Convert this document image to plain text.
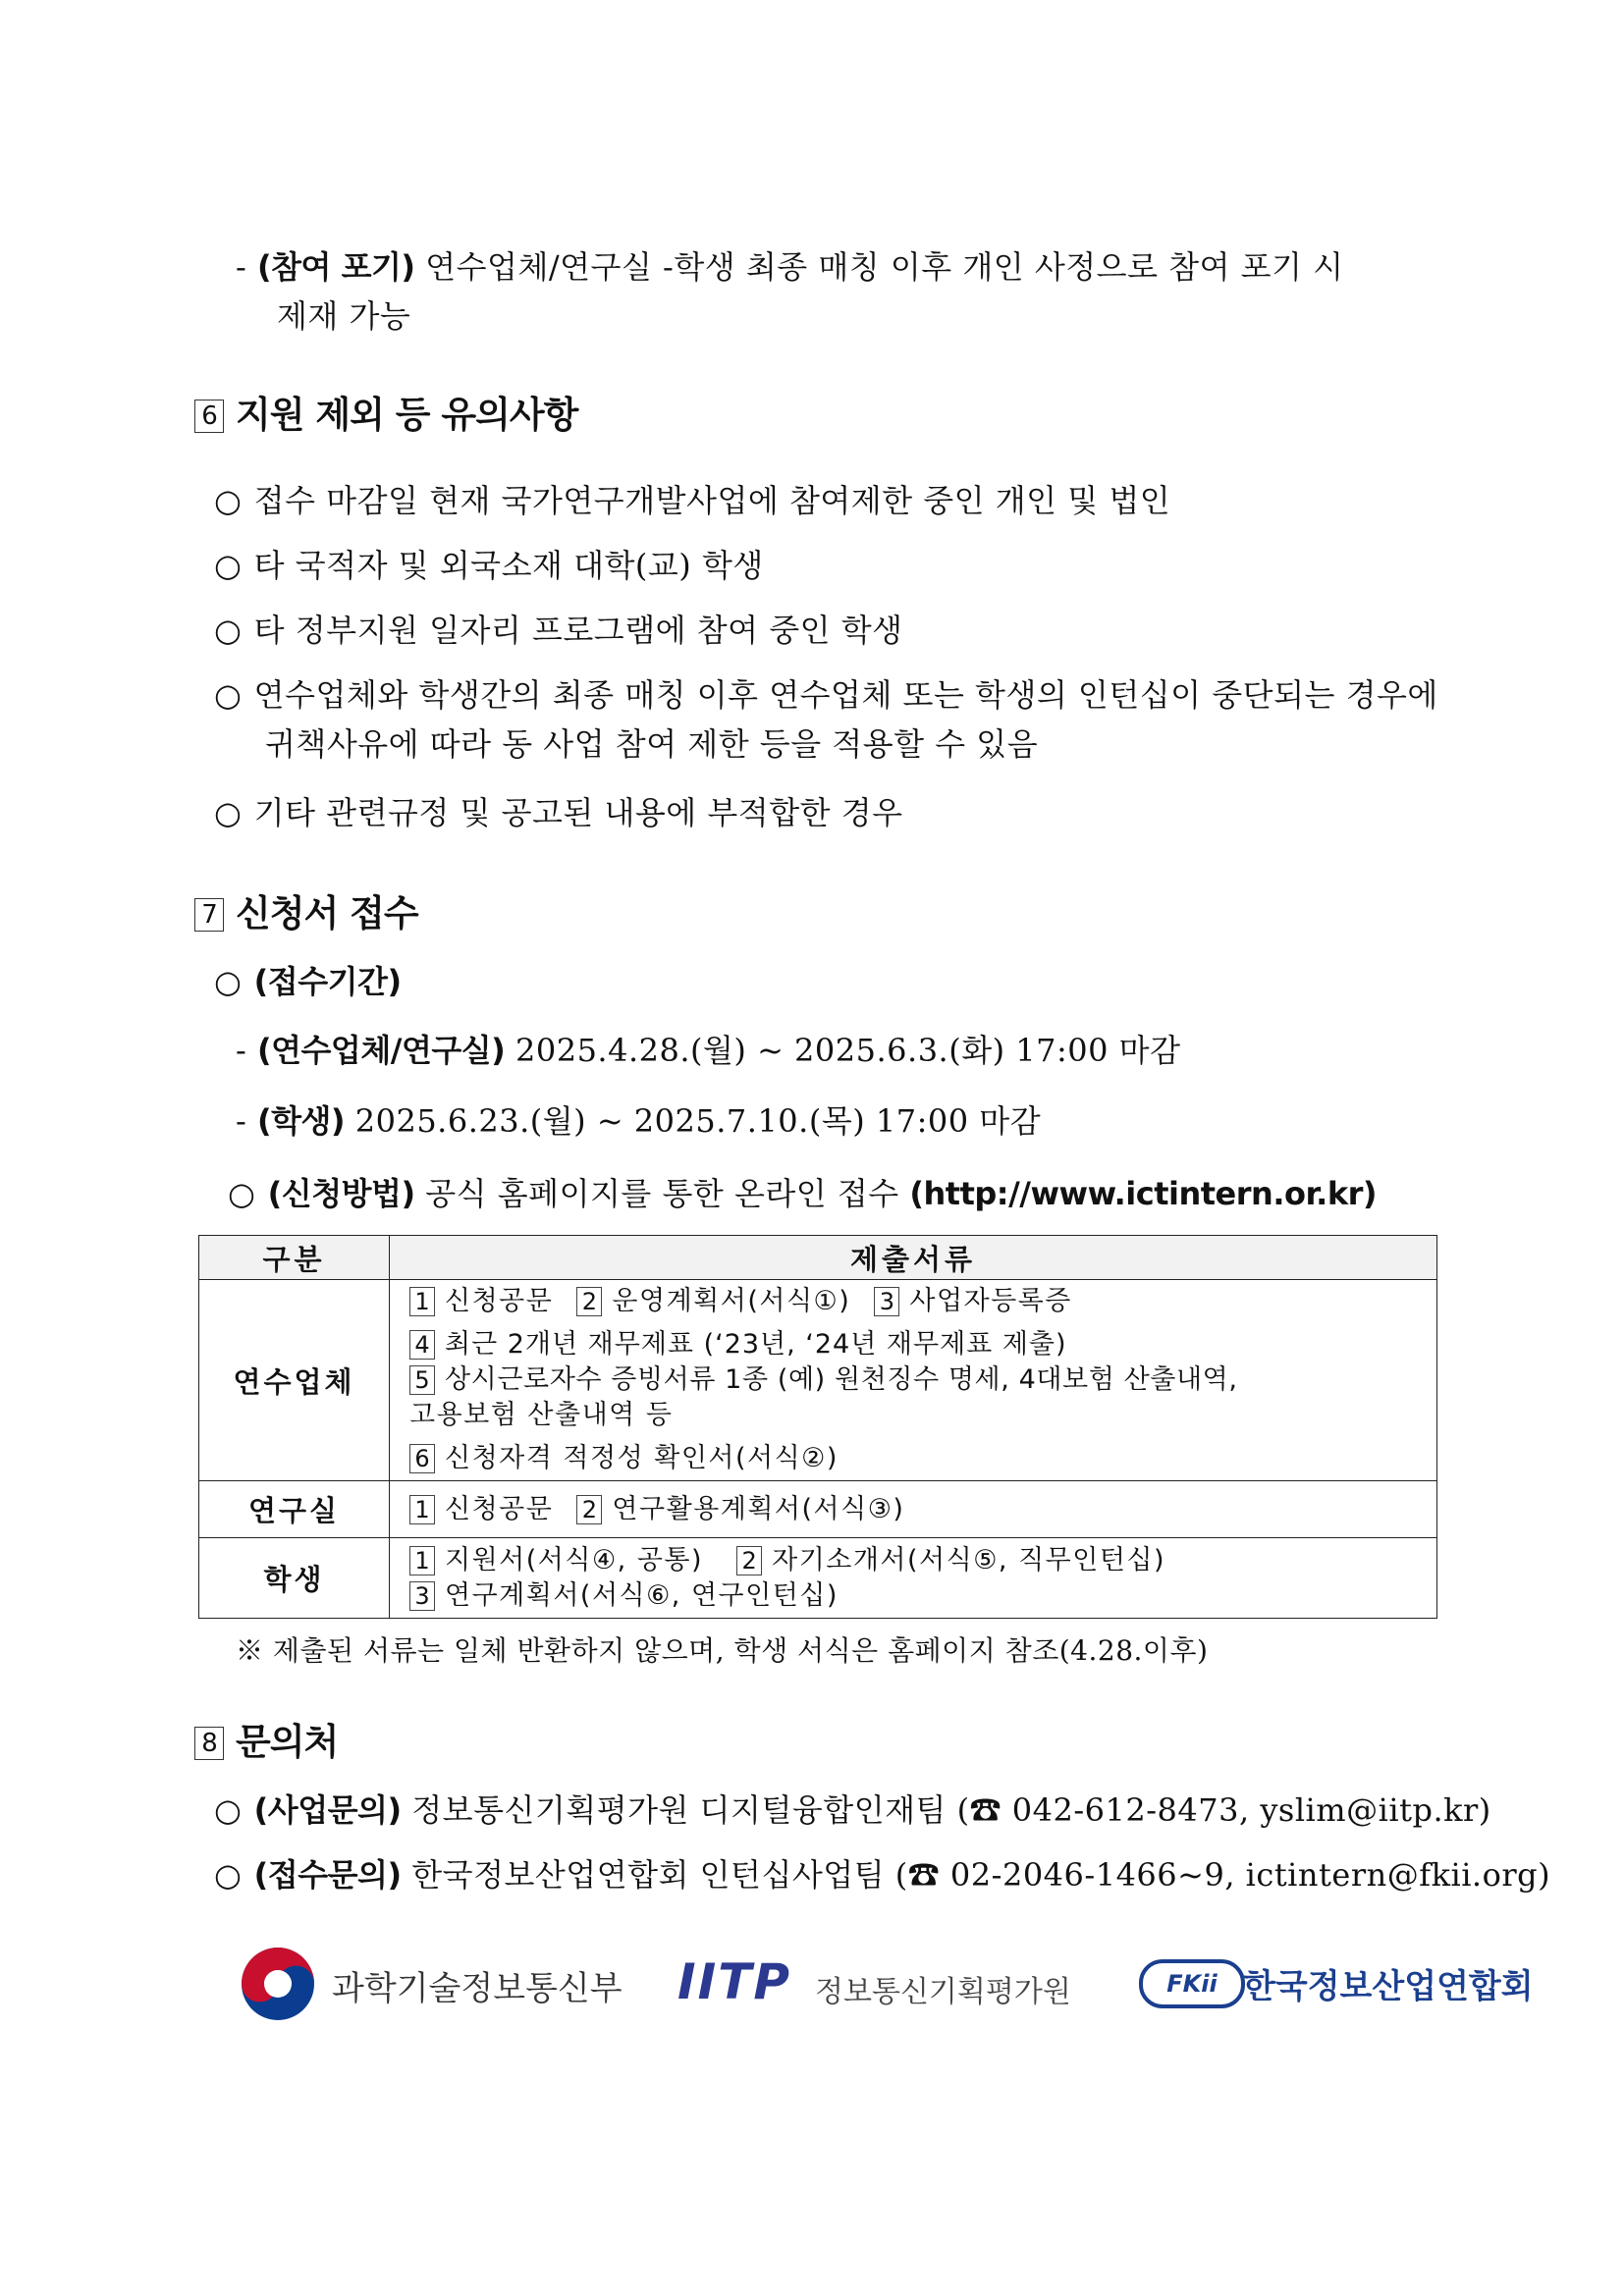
- (참여 포기) 연수업체/연구실 -학생 최종 매칭 이후 개인 사정으로 참여 포기 시
제재 가능
6 지원 제외 등 유의사항
○ 접수 마감일 현재 국가연구개발사업에 참여제한 중인 개인 및 법인
○ 타 국적자 및 외국소재 대학(교) 학생
○ 타 정부지원 일자리 프로그램에 참여 중인 학생
○ 연수업체와 학생간의 최종 매칭 이후 연수업체 또는 학생의 인턴십이 중단되는 경우에
귀책사유에 따라 동 사업 참여 제한 등을 적용할 수 있음
○ 기타 관련규정 및 공고된 내용에 부적합한 경우
7 신청서 접수
○ (접수기간)
- (연수업체/연구실) 2025.4.28.(월) ~ 2025.6.3.(화) 17:00 마감
- (학생) 2025.6.23.(월) ~ 2025.7.10.(목) 17:00 마감
○ (신청방법) 공식 홈페이지를 통한 온라인 접수 (http://www.ictintern.or.kr)
구분	제출서류
연수업체	1 신청공문 2 운영계획서(서식①) 3 사업자등록증
4 최근 2개년 재무제표 (‘23년, ‘24년 재무제표 제출)
5 상시근로자수 증빙서류 1종 (예) 원천징수 명세, 4대보험 산출내역,
고용보험 산출내역 등
6 신청자격 적정성 확인서(서식②)

연구실	1 신청공문 2 연구활용계획서(서식③)

학생	1 지원서(서식④, 공통) 2 자기소개서(서식⑤, 직무인턴십)
3 연구계획서(서식⑥, 연구인턴십)
※ 제출된 서류는 일체 반환하지 않으며, 학생 서식은 홈페이지 참조(4.28.이후)
8 문의처
○ (사업문의) 정보통신기획평가원 디지털융합인재팀 (☎ 042-612-8473, yslim@iitp.kr)
○ (접수문의) 한국정보산업연합회 인턴십사업팀 (☎ 02-2046-1466~9, ictintern@fkii.org)
과학기술정보통신부 IITP 정보통신기획평가원	FKii 한국정보산업연합회
